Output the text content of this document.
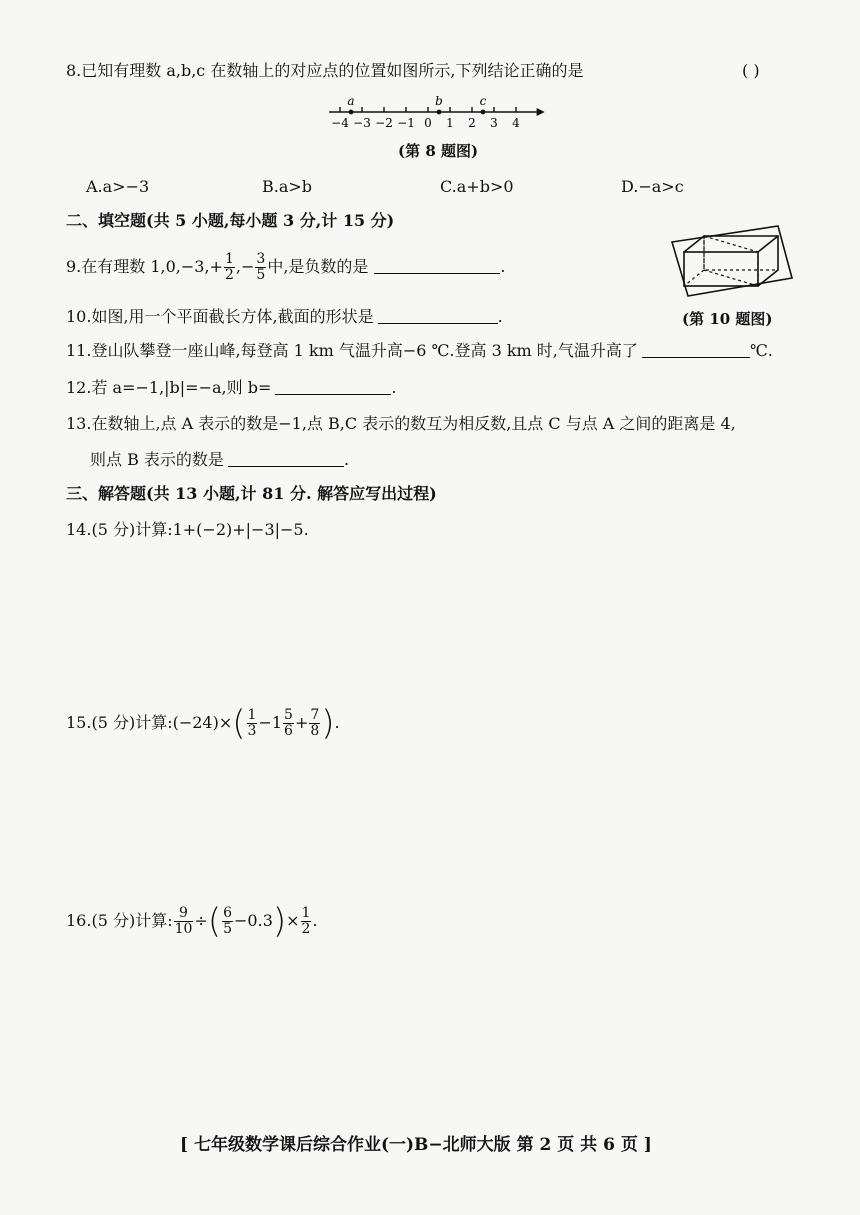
8.已知有理数 a,b,c 在数轴上的对应点的位置如图所示,下列结论正确的是	( )
−4 −3 −2 −1 0 1 2 3 4
a	b	c
(第 8 题图)
A.a>−3	B.a>b	C.a+b>0	D.−a>c
二、填空题(共 5 小题,每小题 3 分,计 15 分)
9.在有理数 $1,0,-3,+ \frac{1}{2}$ ,− $\frac{3}{5}$ 中,是负数的是	.
(第 10 题图)
10.如图,用一个平面截长方体,截面的形状是	.
11.登山队攀登一座山峰,每登高 1 km 气温升高−6 ℃.登高 3 km 时,气温升高了	℃.
12.若 a=−1,|b|=−a,则 b=	.
13.在数轴上,点 A 表示的数是−1,点 B,C 表示的数互为相反数,且点 C 与点 A 之间的距离是 4,
则点 B 表示的数是	.
三、解答题(共 13 小题,计 81 分. 解答应写出过程)
14.(5 分)计算:1+(−2)+|−3|−5.
15.(5 分)计算:(−24)×( $\frac{1}{3} -1 \frac{5}{6} + \frac{7}{8}$ ).
16.(5 分)计算: $\frac{9}{10}$ ÷( $\frac{6}{5} -0.3)\times \frac{1}{2}$ .
[ 七年级数学课后综合作业(一)B−北师大版 第 2 页 共 6 页 ]
